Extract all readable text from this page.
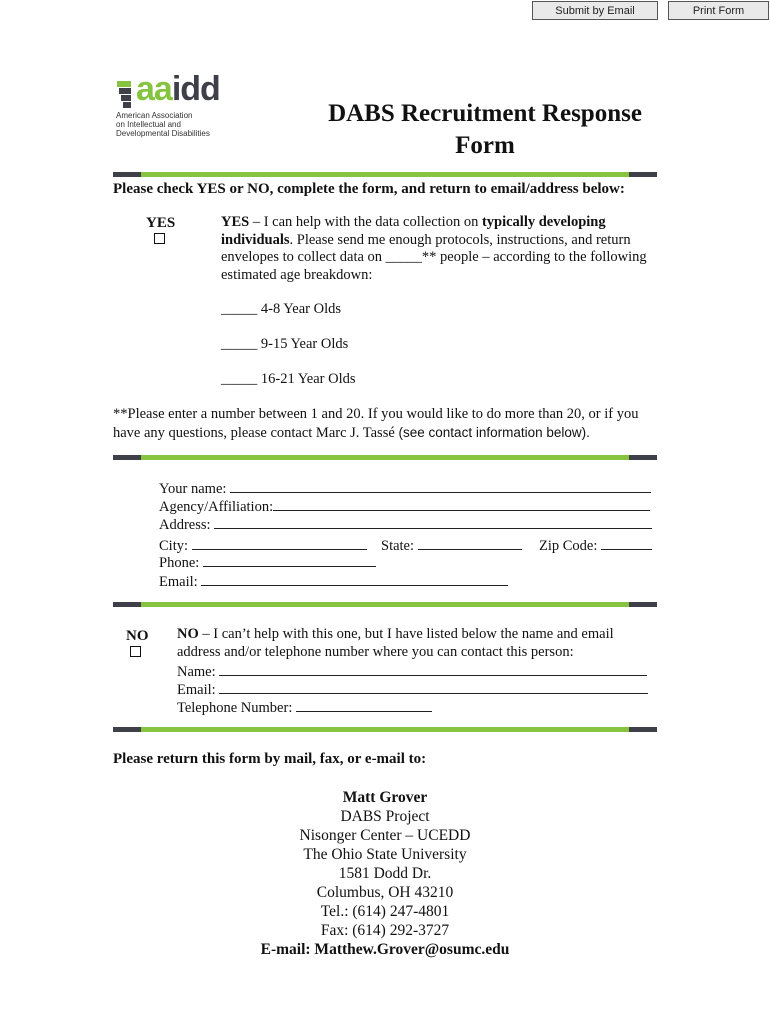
Submit by Email	Print Form
aaidd
American Association
on Intellectual and
Developmental Disabilities
DABS Recruitment Response
Form
Please check YES or NO, complete the form, and return to email/address below:
YES	YES – I can help with the data collection on typically developing individuals. Please send me enough protocols, instructions, and return envelopes to collect data on _____** people – according to the following estimated age breakdown:
_____ 4-8 Year Olds
_____ 9-15 Year Olds
_____ 16-21 Year Olds
**Please enter a number between 1 and 20. If you would like to do more than 20, or if you have any questions, please contact Marc J. Tassé (see contact information below).
Your name:
Agency/Affiliation:
Address:
City:	State:	Zip Code:
Phone:
Email:
NO NO – I can’t help with this one, but I have listed below the name and email address and/or telephone number where you can contact this person:
Name:
Email:
Telephone Number:
Please return this form by mail, fax, or e-mail to:
Matt Grover
DABS Project
Nisonger Center – UCEDD
The Ohio State University
1581 Dodd Dr.
Columbus, OH 43210
Tel.: (614) 247-4801
Fax: (614) 292-3727
E-mail: Matthew.Grover@osumc.edu
